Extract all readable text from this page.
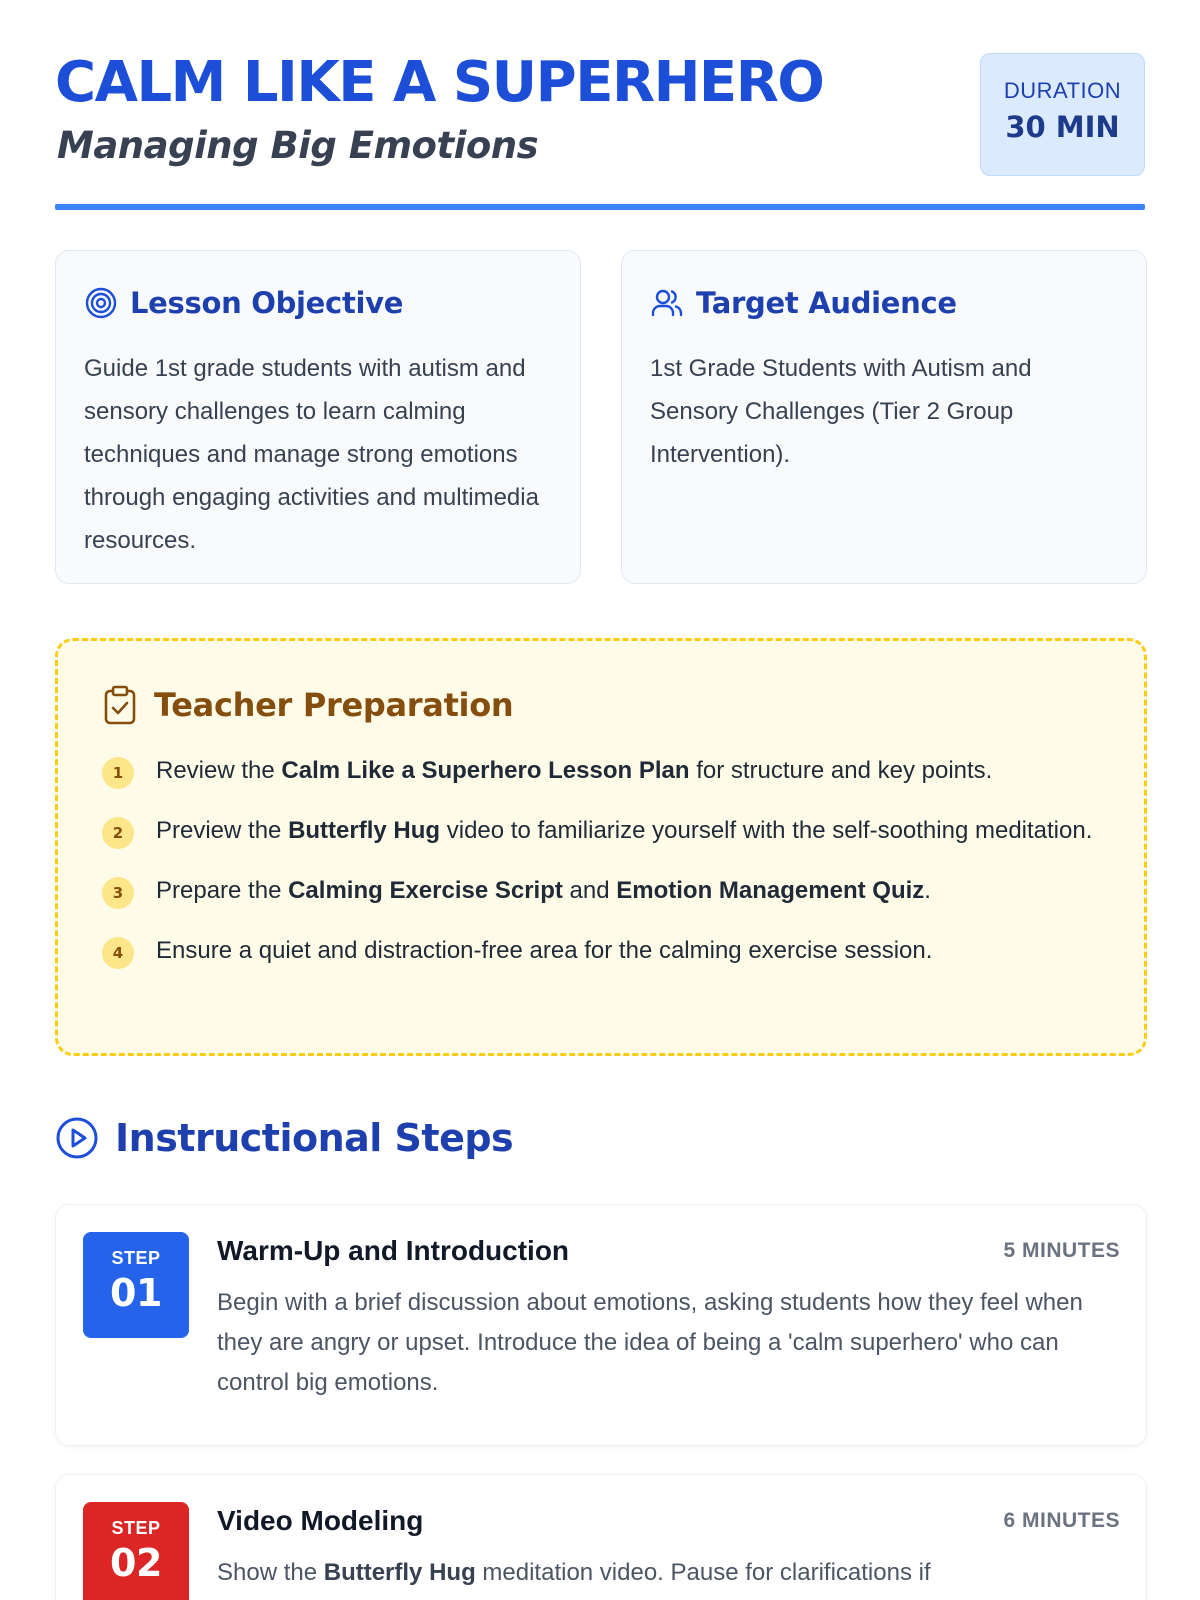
CALM LIKE A SUPERHERO
Managing Big Emotions
DURATION
30 MIN
Lesson Objective

Guide 1st grade students with autism and sensory challenges to learn calming techniques and manage strong emotions through engaging activities and multimedia resources.

Target Audience

1st Grade Students with Autism and Sensory Challenges (Tier 2 Group Intervention).

Teacher Preparation
1	Review the Calm Like a Superhero Lesson Plan for structure and key points.
2	Preview the Butterfly Hug video to familiarize yourself with the self-soothing meditation.
3	Prepare the Calming Exercise Script and Emotion Management Quiz.
4	Ensure a quiet and distraction-free area for the calming exercise session.
Instructional Steps
STEP
01
Warm-Up and Introduction	5 MINUTES

Begin with a brief discussion about emotions, asking students how they feel when they are angry or upset. Introduce the idea of being a 'calm superhero' who can control big emotions.

STEP
02
Video Modeling	6 MINUTES

Show the Butterfly Hug meditation video. Pause for clarifications if
